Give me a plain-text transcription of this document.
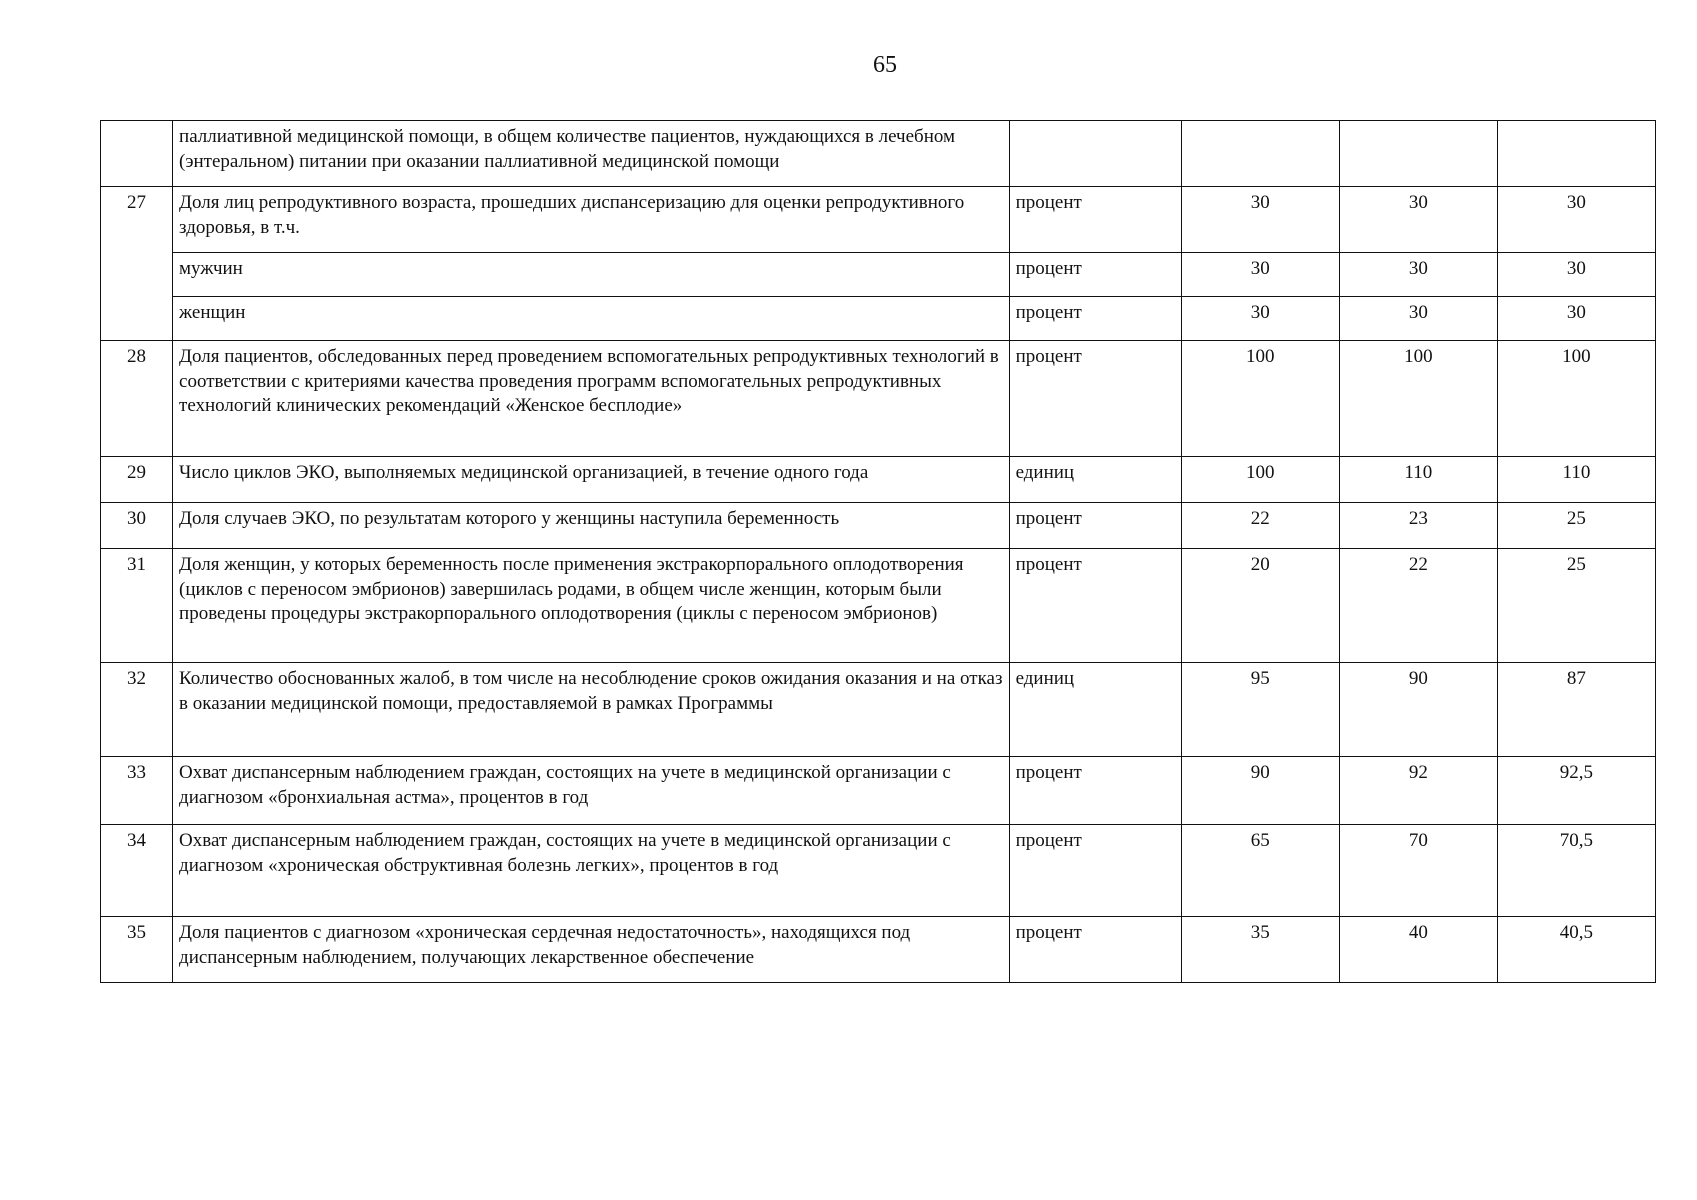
65
	паллиативной медицинской помощи, в общем количестве пациентов, нуждающихся в лечебном (энтеральном) питании при оказании паллиативной медицинской помощи				
27	Доля лиц репродуктивного возраста, прошедших диспансеризацию для оценки репродуктивного здоровья, в т.ч.	процент	30	30	30
	мужчин	процент	30	30	30
	женщин	процент	30	30	30
28	Доля пациентов, обследованных перед проведением вспомогательных репродуктивных технологий в соответствии с критериями качества проведения программ вспомогательных репродуктивных технологий клинических рекомендаций «Женское бесплодие»	процент	100	100	100
29	Число циклов ЭКО, выполняемых медицинской организацией, в течение одного года	единиц	100	110	110
30	Доля случаев ЭКО, по результатам которого у женщины наступила беременность	процент	22	23	25
31	Доля женщин, у которых беременность после применения экстракорпорального оплодотворения (циклов с переносом эмбрионов) завершилась родами, в общем числе женщин, которым были проведены процедуры экстракорпорального оплодотворения (циклы с переносом эмбрионов)	процент	20	22	25
32	Количество обоснованных жалоб, в том числе на несоблюдение сроков ожидания оказания и на отказ в оказании медицинской помощи, предоставляемой в рамках Программы	единиц	95	90	87
33	Охват диспансерным наблюдением граждан, состоящих на учете в медицинской организации с диагнозом «бронхиальная астма», процентов в год	процент	90	92	92,5
34	Охват диспансерным наблюдением граждан, состоящих на учете в медицинской организации с диагнозом «хроническая обструктивная болезнь легких», процентов в год	процент	65	70	70,5
35	Доля пациентов с диагнозом «хроническая сердечная недостаточность», находящихся под диспансерным наблюдением, получающих лекарственное обеспечение	процент	35	40	40,5
